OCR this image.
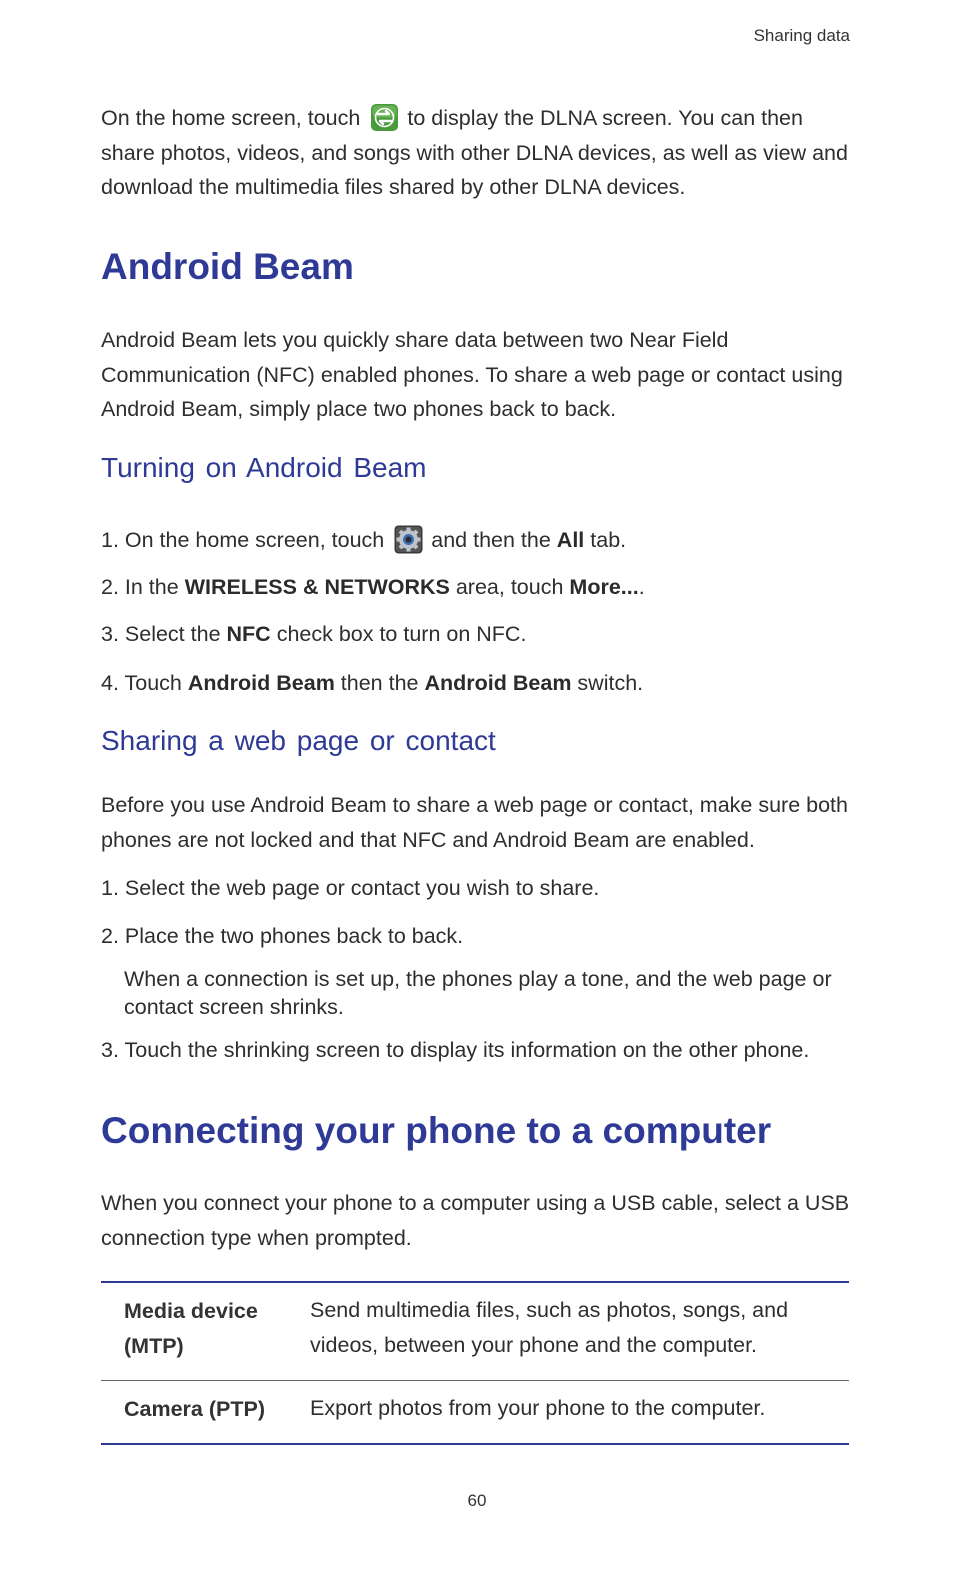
Sharing data

On the home screen, touch to display the DLNA screen. You can then share photos, videos, and songs with other DLNA devices, as well as view and download the multimedia files shared by other DLNA devices.

Android Beam

Android Beam lets you quickly share data between two Near Field Communication (NFC) enabled phones. To share a web page or contact using Android Beam, simply place two phones back to back.

Turning on Android Beam

1. On the home screen, touch and then the All tab.

2. In the WIRELESS & NETWORKS area, touch More....

3. Select the NFC check box to turn on NFC.

4. Touch Android Beam then the Android Beam switch.

Sharing a web page or contact

Before you use Android Beam to share a web page or contact, make sure both phones are not locked and that NFC and Android Beam are enabled.

1. Select the web page or contact you wish to share.

2. Place the two phones back to back.

When a connection is set up, the phones play a tone, and the web page or contact screen shrinks.

3. Touch the shrinking screen to display its information on the other phone.

Connecting your phone to a computer

When you connect your phone to a computer using a USB cable, select a USB connection type when prompted.

Media device (MTP)
Send multimedia files, such as photos, songs, and videos, between your phone and the computer.
Camera (PTP)	Export photos from your phone to the computer.
60
